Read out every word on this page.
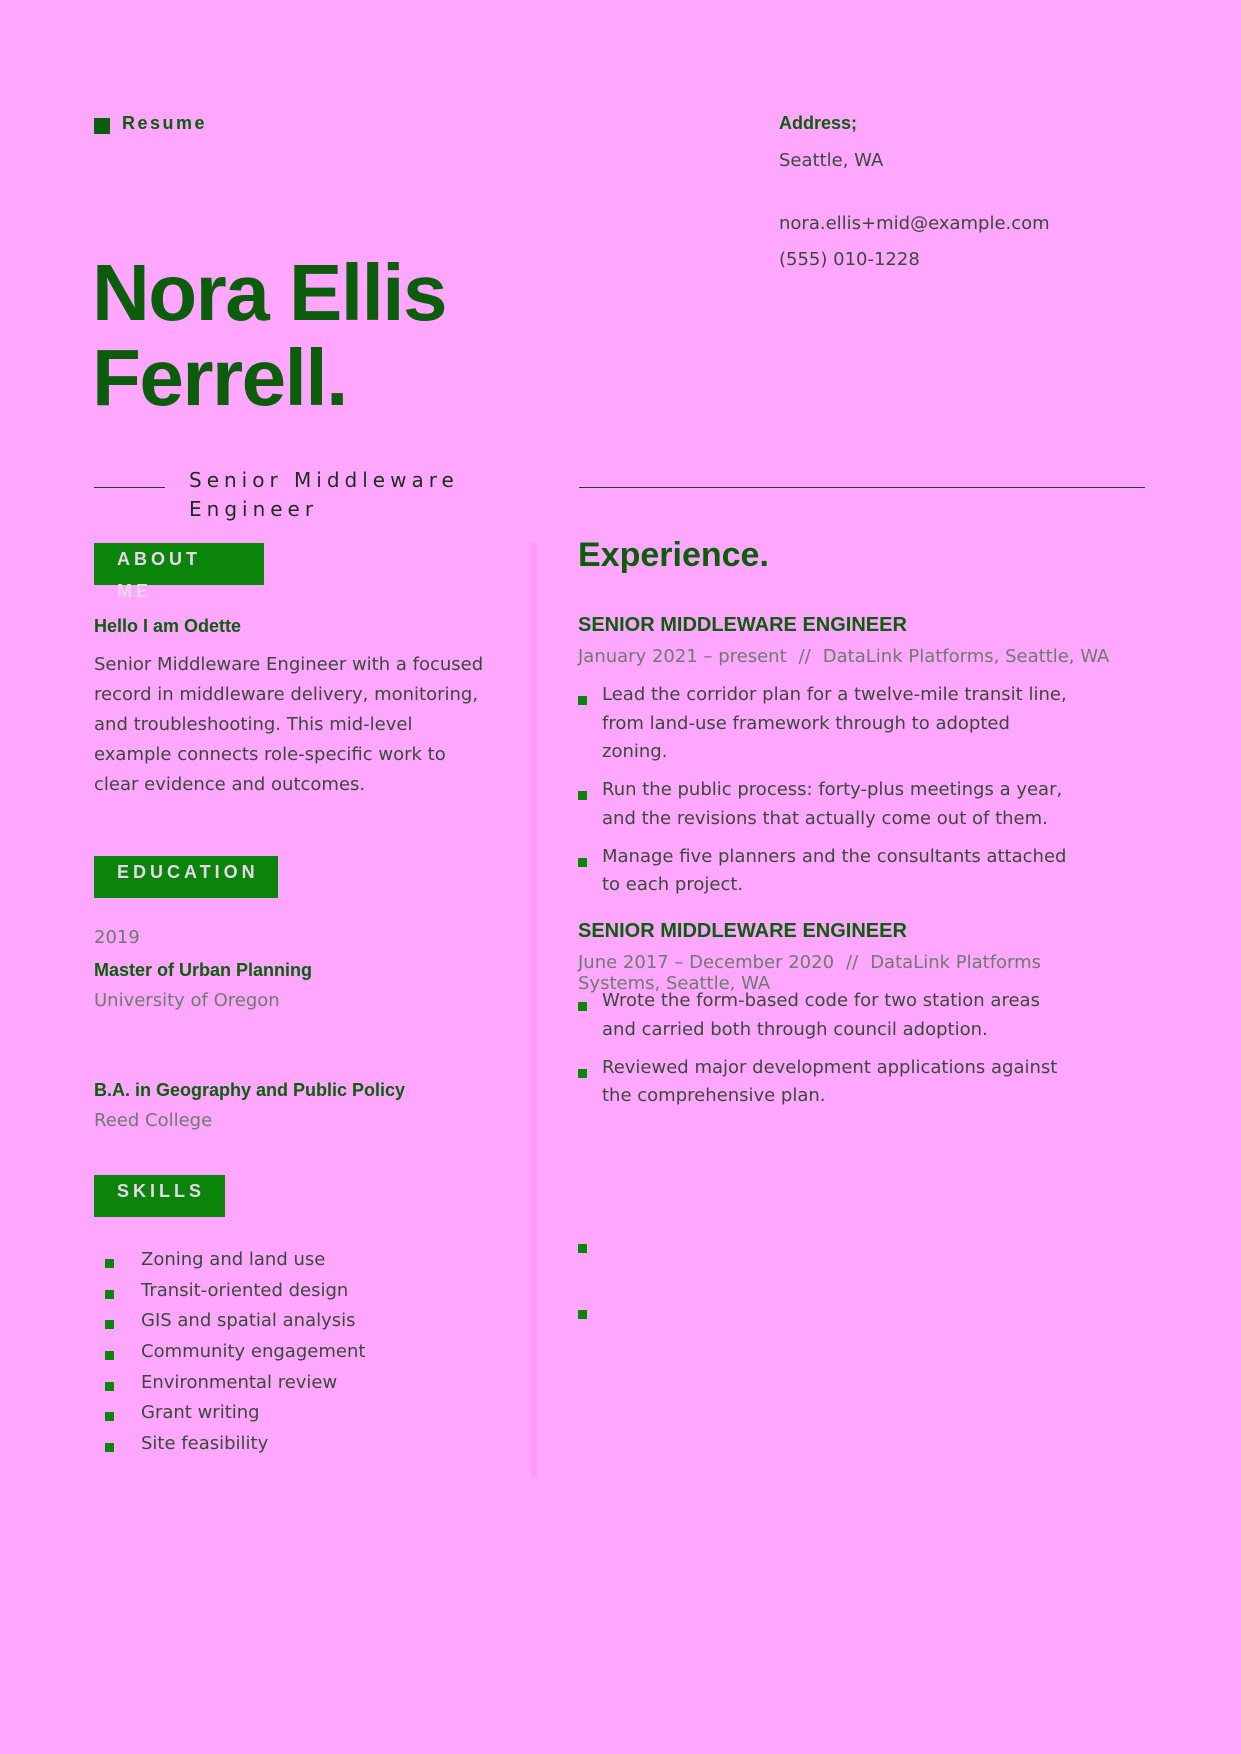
Resume	Address;
Seattle, WA
nora.ellis+mid@example.com
(555) 010-1228
Nora Ellis
Ferrell.
Senior Middleware Engineer
ABOUT ME
Hello I am Odette

Senior Middleware Engineer with a focused record in middleware delivery, monitoring, and troubleshooting. This mid-level example connects role-specific work to clear evidence and outcomes.

EDUCATION
2019
Master of Urban Planning
University of Oregon
B.A. in Geography and Public Policy
Reed College
SKILLS
Zoning and land use
Transit-oriented design
GIS and spatial analysis
Community engagement
Environmental review
Grant writing
Site feasibility
Experience.
SENIOR MIDDLEWARE ENGINEER
January 2021 – present // DataLink Platforms, Seattle, WA
Lead the corridor plan for a twelve-mile transit line, from land-use framework through to adopted zoning.
Run the public process: forty-plus meetings a year, and the revisions that actually come out of them.
Manage five planners and the consultants attached to each project.
SENIOR MIDDLEWARE ENGINEER
June 2017 – December 2020 // DataLink Platforms Systems, Seattle, WA
Wrote the form-based code for two station areas and carried both through council adoption.
Reviewed major development applications against the comprehensive plan.
